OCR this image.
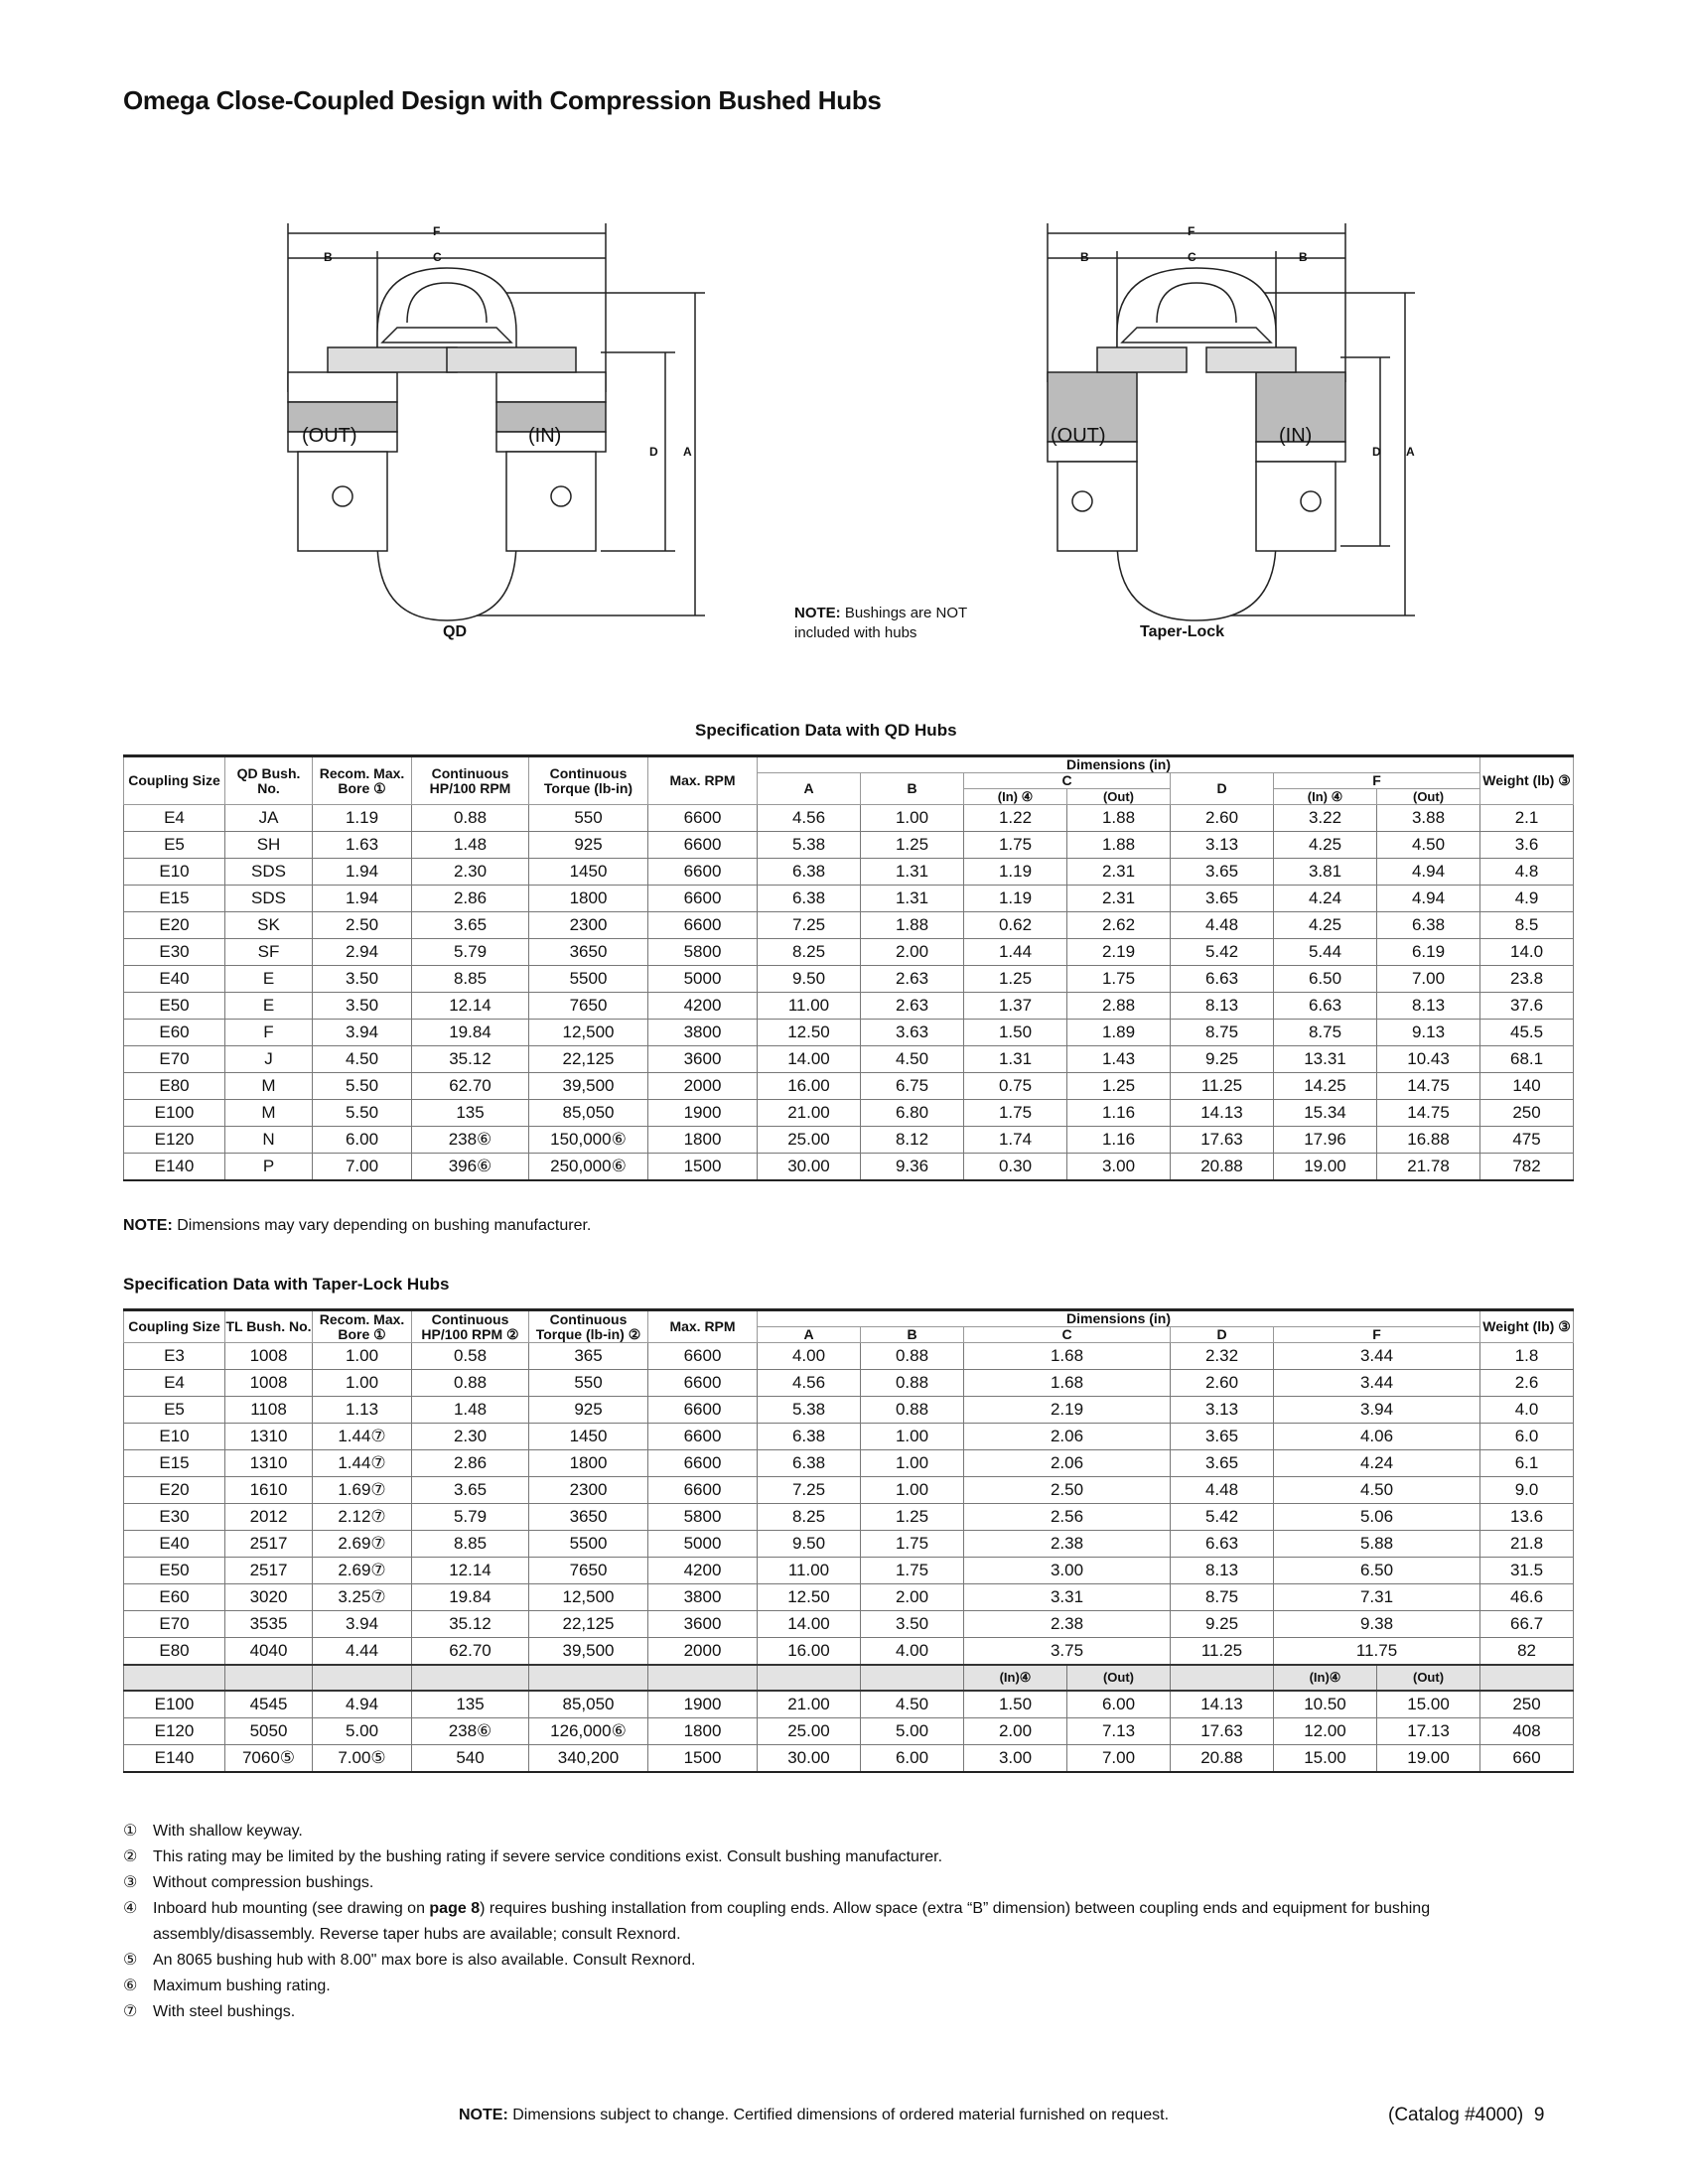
Omega Close-Coupled Design with Compression Bushed Hubs
F
B	C
D A
(OUT)	(IN)
QD
F
B	C	B
D A
(OUT)	(IN)
Taper-Lock
NOTE: Bushings are NOT included with hubs
Specification Data with QD Hubs
Coupling Size	QD Bush. No.	Recom. Max. Bore ①	Continuous HP/100 RPM	Continuous Torque (lb-in)	Max. RPM	Dimensions (in)							Weight (lb) ③
						A	B	C		D	F		
								(In) ④	(Out)		(In) ④	(Out)	
E4	JA	1.19	0.88	550	6600	4.56	1.00	1.22	1.88	2.60	3.22	3.88	2.1
E5	SH	1.63	1.48	925	6600	5.38	1.25	1.75	1.88	3.13	4.25	4.50	3.6
E10	SDS	1.94	2.30	1450	6600	6.38	1.31	1.19	2.31	3.65	3.81	4.94	4.8
E15	SDS	1.94	2.86	1800	6600	6.38	1.31	1.19	2.31	3.65	4.24	4.94	4.9
E20	SK	2.50	3.65	2300	6600	7.25	1.88	0.62	2.62	4.48	4.25	6.38	8.5
E30	SF	2.94	5.79	3650	5800	8.25	2.00	1.44	2.19	5.42	5.44	6.19	14.0
E40	E	3.50	8.85	5500	5000	9.50	2.63	1.25	1.75	6.63	6.50	7.00	23.8
E50	E	3.50	12.14	7650	4200	11.00	2.63	1.37	2.88	8.13	6.63	8.13	37.6
E60	F	3.94	19.84	12,500	3800	12.50	3.63	1.50	1.89	8.75	8.75	9.13	45.5
E70	J	4.50	35.12	22,125	3600	14.00	4.50	1.31	1.43	9.25	13.31	10.43	68.1
E80	M	5.50	62.70	39,500	2000	16.00	6.75	0.75	1.25	11.25	14.25	14.75	140
E100	M	5.50	135	85,050	1900	21.00	6.80	1.75	1.16	14.13	15.34	14.75	250
E120	N	6.00	238⑥	150,000⑥	1800	25.00	8.12	1.74	1.16	17.63	17.96	16.88	475
E140	P	7.00	396⑥	250,000⑥	1500	30.00	9.36	0.30	3.00	20.88	19.00	21.78	782
NOTE: Dimensions may vary depending on bushing manufacturer.
Specification Data with Taper-Lock Hubs
Coupling Size	TL Bush. No.	Recom. Max. Bore ①	Continuous HP/100 RPM ②	Continuous Torque (lb-in) ②	Max. RPM	Dimensions (in)							Weight (lb) ③
						A	B	C		D	F		
E3	1008	1.00	0.58	365	6600	4.00	0.88	1.68		2.32	3.44		1.8
E4	1008	1.00	0.88	550	6600	4.56	0.88	1.68		2.60	3.44		2.6
E5	1108	1.13	1.48	925	6600	5.38	0.88	2.19		3.13	3.94		4.0
E10	1310	1.44⑦	2.30	1450	6600	6.38	1.00	2.06		3.65	4.06		6.0
E15	1310	1.44⑦	2.86	1800	6600	6.38	1.00	2.06		3.65	4.24		6.1
E20	1610	1.69⑦	3.65	2300	6600	7.25	1.00	2.50		4.48	4.50		9.0
E30	2012	2.12⑦	5.79	3650	5800	8.25	1.25	2.56		5.42	5.06		13.6
E40	2517	2.69⑦	8.85	5500	5000	9.50	1.75	2.38		6.63	5.88		21.8
E50	2517	2.69⑦	12.14	7650	4200	11.00	1.75	3.00		8.13	6.50		31.5
E60	3020	3.25⑦	19.84	12,500	3800	12.50	2.00	3.31		8.75	7.31		46.6
E70	3535	3.94	35.12	22,125	3600	14.00	3.50	2.38		9.25	9.38		66.7
E80	4040	4.44	62.70	39,500	2000	16.00	4.00	3.75		11.25	11.75		82
								(In)④	(Out)		(In)④	(Out)	
E100	4545	4.94	135	85,050	1900	21.00	4.50	1.50	6.00	14.13	10.50	15.00	250
E120	5050	5.00	238⑥	126,000⑥	1800	25.00	5.00	2.00	7.13	17.63	12.00	17.13	408
E140	7060⑤	7.00⑤	540	340,200	1500	30.00	6.00	3.00	7.00	20.88	15.00	19.00	660
① With shallow keyway.
② This rating may be limited by the bushing rating if severe service conditions exist. Consult bushing manufacturer.
③ Without compression bushings.
④ Inboard hub mounting (see drawing on page 8) requires bushing installation from coupling ends. Allow space (extra “B” dimension) between coupling ends and equipment for bushing assembly/disassembly. Reverse taper hubs are available; consult Rexnord.
⑤ An 8065 bushing hub with 8.00" max bore is also available. Consult Rexnord.
⑥ Maximum bushing rating.
⑦ With steel bushings.
NOTE: Dimensions subject to change. Certified dimensions of ordered material furnished on request.	(Catalog #4000) 9
